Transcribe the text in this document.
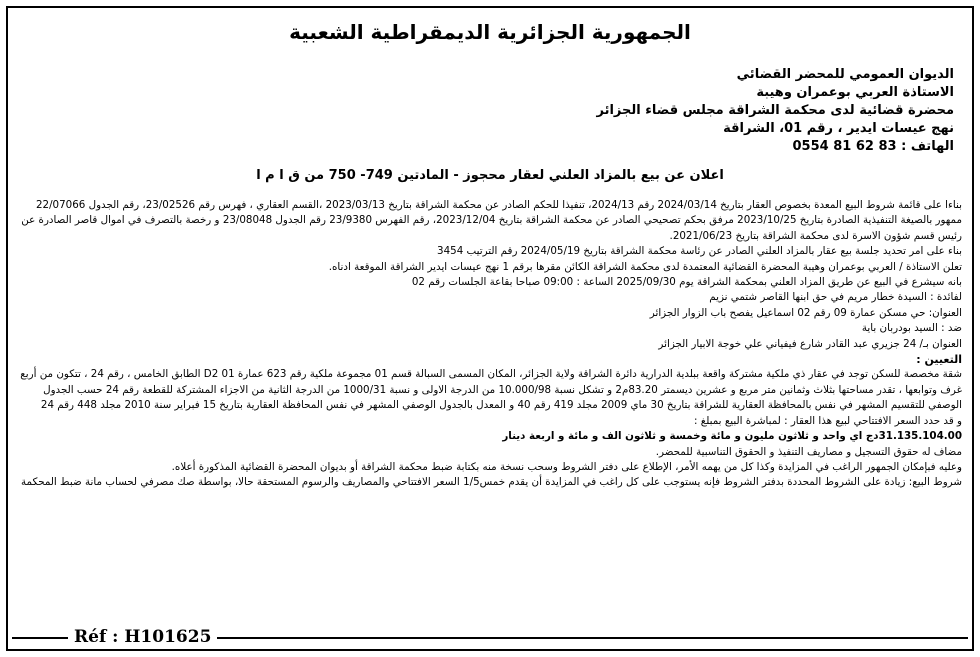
الجمهورية الجزائرية الديمقراطية الشعبية
الديوان العمومي للمحضر القضائي
الاستاذة العربي بوعمران وهيبة
محضرة قضائية لدى محكمة الشراقة مجلس قضاء الجزائر
نهج عيسات ايدير ، رقم 01، الشراقة
الهاتف : 83 62 81 0554
اعلان عن بيع بالمزاد العلني لعقار محجوز - المادتين 749- 750 من ق ا م ا

بناءا على قائمة شروط البيع المعدة بخصوص العقار بتاريخ 2024/03/14 رقم 2024/13، تنفيذا للحكم الصادر عن محكمة الشراقة بتاريخ 2023/03/13 ،القسم العقاري ، فهرس رقم 23/02526، رقم الجدول 22/07066 ممهور بالصيغة التنفيذية الصادرة بتاريخ 2023/10/25 مرفق بحكم تصحيحي الصادر عن محكمة الشراقة بتاريخ 2023/12/04، رقم الفهرس 23/9380 رقم الجدول 23/08048 و رخصة بالتصرف في اموال قاصر الصادرة عن رئيس قسم شؤون الاسرة لدى محكمة الشراقة بتاريخ 2021/06/23.

بناء على امر تحديد جلسة بيع عقار بالمزاد العلني الصادر عن رئاسة محكمة الشراقة بتاريخ 2024/05/19 رقم الترتيب 3454

تعلن الاستاذة / العربي بوعمران وهيبة المحضرة القضائية المعتمدة لدى محكمة الشراقة الكائن مقرها برقم 1 نهج عيسات ايدير الشراقة الموقعة ادناه.

بانه سيشرع في البيع عن طريق المزاد العلني بمحكمة الشراقة يوم 2025/09/30 الساعة : 09:00 صباحا بقاعة الجلسات رقم 02

لفائدة : السيدة خطار مريم في حق ابنها القاصر شتمي نزيم

العنوان: حي مسكن عمارة 09 رقم 02 اسماعيل يفصح باب الزوار الجزائر

ضد : السيد بودربان باية

العنوان بـ/ 24 جزيري عبد القادر شارع فيفياني علي خوجة الابيار الجزائر

التعيين :

شقة مخصصة للسكن توجد في عقار ذي ملكية مشتركة واقعة ببلدية الدرارية دائرة الشراقة ولاية الجزائر، المكان المسمى السبالة قسم 01 مجموعة ملكية رقم 623 عمارة D2 01 الطابق الخامس ، رقم 24 ، تتكون من أربع غرف وتوابعها ، تقدر مساحتها بثلاث وثمانين متر مربع و عشرين ديسمتر 83.20م2 و تشكل نسبة 10.000/98 من الدرجة الاولى و نسبة 1000/31 من الدرجة الثانية من الاجزاء المشتركة للقطعة رقم 24 حسب الجدول الوصفي للتقسيم المشهر في نفس بالمحافظة العقارية للشراقة بتاريخ 30 ماي 2009 مجلد 419 رقم 40 و المعدل بالجدول الوصفي المشهر في نفس المحافظة العقارية بتاريخ 15 فبراير سنة 2010 مجلد 448 رقم 24

و قد حدد السعر الافتتاحي لبيع هذا العقار : لمباشرة البيع بمبلغ :

31.135.104.00دج اي واحد و ثلاثون مليون و مائة وخمسة و ثلاثون الف و مائة و اربعة دينار

مضاف له حقوق التسجيل و مصاريف التنفيذ و الحقوق التناسبية للمحضر.

وعليه فبإمكان الجمهور الراغب في المزايدة وكذا كل من يهمه الأمر، الإطلاع على دفتر الشروط وسحب نسخة منه بكتابة ضبط محكمة الشراقة أو بديوان المحضرة القضائية المذكورة أعلاه.

شروط البيع: زيادة على الشروط المحددة بدفتر الشروط فإنه يستوجب على كل راغب في المزايدة أن يقدم خمس1/5 السعر الافتتاحي والمصاريف والرسوم المستحقة حالا، بواسطة صك مصرفي لحساب مانة ضبط المحكمة

Réf : H101625
